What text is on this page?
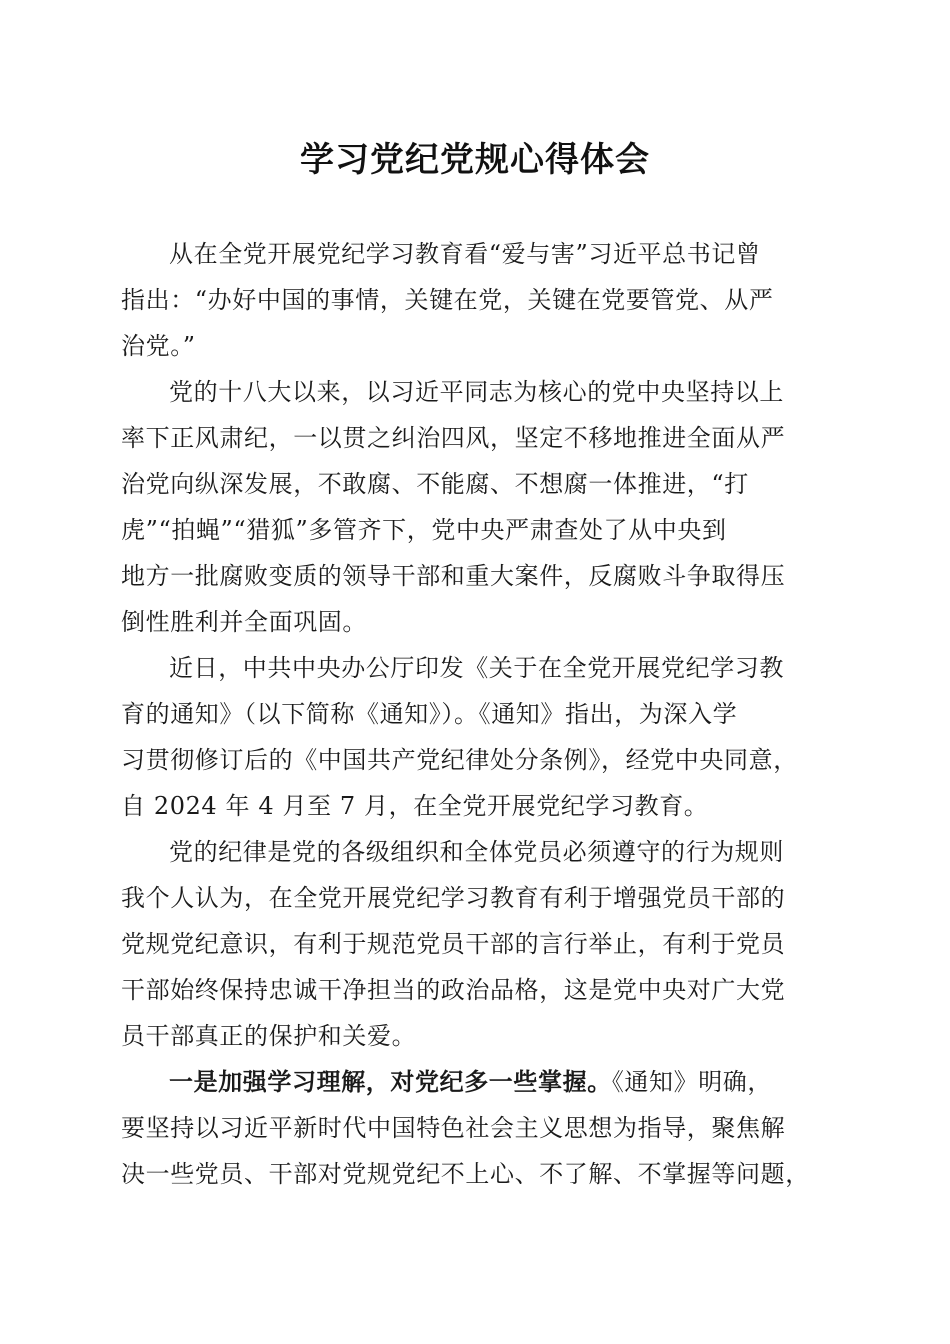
学习党纪党规心得体会

从在全党开展党纪学习教育看“爱与害”习近平总书记曾
指出：“办好中国的事情，关键在党，关键在党要管党、从严
治党。”

党的十八大以来，以习近平同志为核心的党中央坚持以上
率下正风肃纪，一以贯之纠治四风，坚定不移地推进全面从严
治党向纵深发展，不敢腐、不能腐、不想腐一体推进，“打
虎”“拍蝇”“猎狐”多管齐下，党中央严肃查处了从中央到
地方一批腐败变质的领导干部和重大案件，反腐败斗争取得压
倒性胜利并全面巩固。

近日，中共中央办公厅印发《关于在全党开展党纪学习教
育的通知》（以下简称《通知》）。《通知》指出，为深入学
习贯彻修订后的《中国共产党纪律处分条例》，经党中央同意，
自 2024 年 4 月至 7 月，在全党开展党纪学习教育。

党的纪律是党的各级组织和全体党员必须遵守的行为规则
我个人认为，在全党开展党纪学习教育有利于增强党员干部的
党规党纪意识，有利于规范党员干部的言行举止，有利于党员
干部始终保持忠诚干净担当的政治品格，这是党中央对广大党
员干部真正的保护和关爱。

一是加强学习理解，对党纪多一些掌握。《通知》明确，
要坚持以习近平新时代中国特色社会主义思想为指导，聚焦解
决一些党员、干部对党规党纪不上心、不了解、不掌握等问题，
